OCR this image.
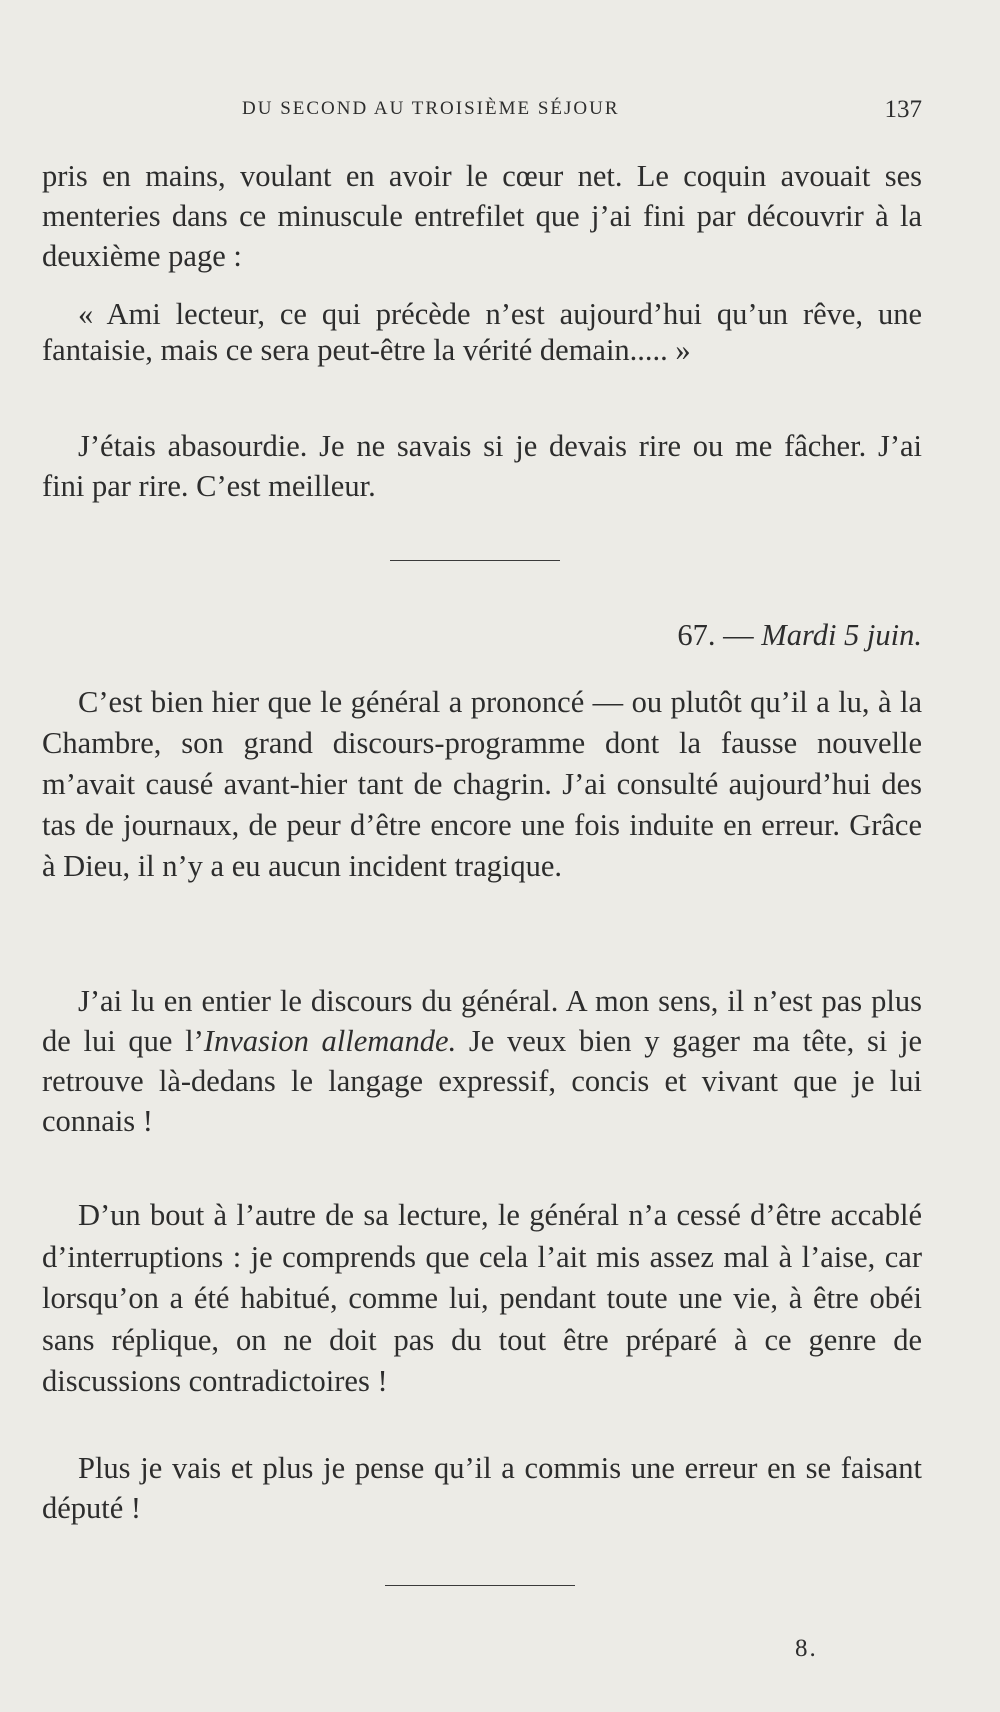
DU SECOND AU TROISIÈME SÉJOUR	137

pris en mains, voulant en avoir le cœur net. Le coquin avouait ses menteries dans ce minuscule entrefilet que j’ai fini par découvrir à la deuxième page :

« Ami lecteur, ce qui précède n’est aujourd’hui qu’un rêve, une fantaisie, mais ce sera peut-être la vérité demain..... »

J’étais abasourdie. Je ne savais si je devais rire ou me fâcher. J’ai fini par rire. C’est meilleur.

67. — Mardi 5 juin.

C’est bien hier que le général a prononcé — ou plutôt qu’il a lu, à la Chambre, son grand discours-programme dont la fausse nouvelle m’avait causé avant-hier tant de chagrin. J’ai consulté aujourd’hui des tas de journaux, de peur d’être encore une fois induite en erreur. Grâce à Dieu, il n’y a eu aucun incident tragique.

J’ai lu en entier le discours du général. A mon sens, il n’est pas plus de lui que l’Invasion allemande. Je veux bien y gager ma tête, si je retrouve là-dedans le langage expressif, concis et vivant que je lui connais !

D’un bout à l’autre de sa lecture, le général n’a cessé d’être accablé d’interruptions : je comprends que cela l’ait mis assez mal à l’aise, car lorsqu’on a été habitué, comme lui, pendant toute une vie, à être obéi sans réplique, on ne doit pas du tout être préparé à ce genre de discussions contradictoires !

Plus je vais et plus je pense qu’il a commis une erreur en se faisant député !

8.
